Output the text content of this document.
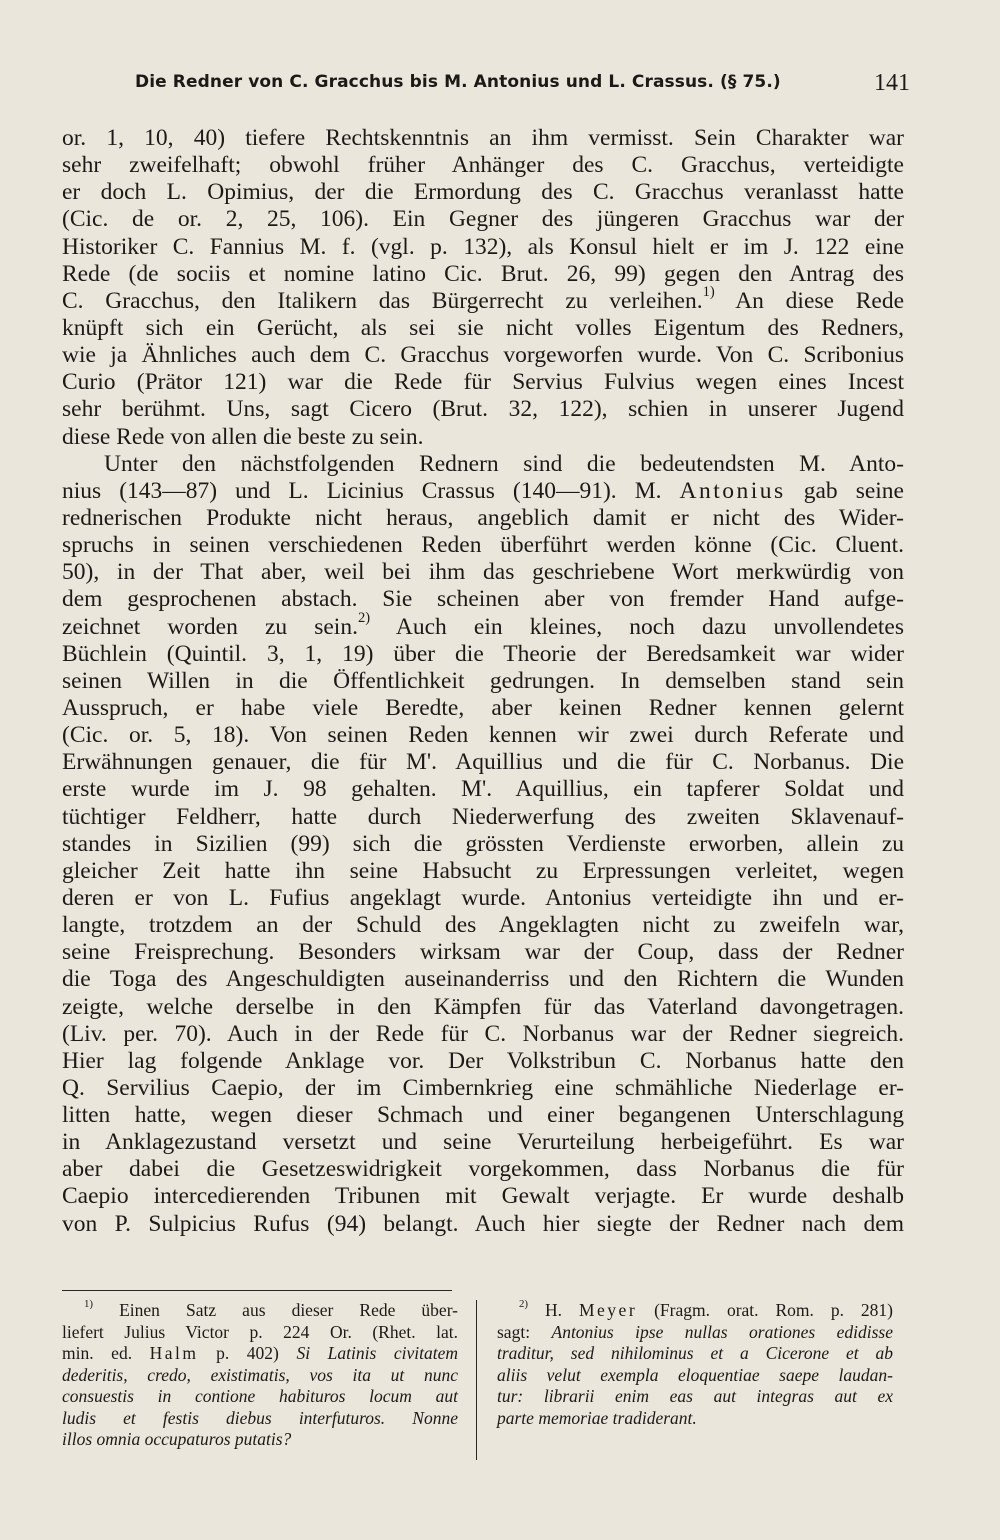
Die Redner von C. Gracchus bis M. Antonius und L. Crassus. (§ 75.)	141
or. 1, 10, 40) tiefere Rechtskenntnis an ihm vermisst. Sein Charakter war
sehr zweifelhaft; obwohl früher Anhänger des C. Gracchus, verteidigte
er doch L. Opimius, der die Ermordung des C. Gracchus veranlasst hatte
(Cic. de or. 2, 25, 106). Ein Gegner des jüngeren Gracchus war der
Historiker C. Fannius M. f. (vgl. p. 132), als Konsul hielt er im J. 122 eine
Rede (de sociis et nomine latino Cic. Brut. 26, 99) gegen den Antrag des
C. Gracchus, den Italikern das Bürgerrecht zu verleihen.$^{1)}$ An diese Rede
knüpft sich ein Gerücht, als sei sie nicht volles Eigentum des Redners,
wie ja Ähnliches auch dem C. Gracchus vorgeworfen wurde. Von C. Scribonius
Curio (Prätor 121) war die Rede für Servius Fulvius wegen eines Incest
sehr berühmt. Uns, sagt Cicero (Brut. 32, 122), schien in unserer Jugend
diese Rede von allen die beste zu sein.
Unter den nächstfolgenden Rednern sind die bedeutendsten M. Anto-
nius (143—87) und L. Licinius Crassus (140—91). M. Antonius gab seine
rednerischen Produkte nicht heraus, angeblich damit er nicht des Wider-
spruchs in seinen verschiedenen Reden überführt werden könne (Cic. Cluent.
50), in der That aber, weil bei ihm das geschriebene Wort merkwürdig von
dem gesprochenen abstach. Sie scheinen aber von fremder Hand aufge-
zeichnet worden zu sein.$^{2)}$ Auch ein kleines, noch dazu unvollendetes
Büchlein (Quintil. 3, 1, 19) über die Theorie der Beredsamkeit war wider
seinen Willen in die Öffentlichkeit gedrungen. In demselben stand sein
Ausspruch, er habe viele Beredte, aber keinen Redner kennen gelernt
(Cic. or. 5, 18). Von seinen Reden kennen wir zwei durch Referate und
Erwähnungen genauer, die für M'. Aquillius und die für C. Norbanus. Die
erste wurde im J. 98 gehalten. M'. Aquillius, ein tapferer Soldat und
tüchtiger Feldherr, hatte durch Niederwerfung des zweiten Sklavenauf-
standes in Sizilien (99) sich die grössten Verdienste erworben, allein zu
gleicher Zeit hatte ihn seine Habsucht zu Erpressungen verleitet, wegen
deren er von L. Fufius angeklagt wurde. Antonius verteidigte ihn und er-
langte, trotzdem an der Schuld des Angeklagten nicht zu zweifeln war,
seine Freisprechung. Besonders wirksam war der Coup, dass der Redner
die Toga des Angeschuldigten auseinanderriss und den Richtern die Wunden
zeigte, welche derselbe in den Kämpfen für das Vaterland davongetragen.
(Liv. per. 70). Auch in der Rede für C. Norbanus war der Redner siegreich.
Hier lag folgende Anklage vor. Der Volkstribun C. Norbanus hatte den
Q. Servilius Caepio, der im Cimbernkrieg eine schmähliche Niederlage er-
litten hatte, wegen dieser Schmach und einer begangenen Unterschlagung
in Anklagezustand versetzt und seine Verurteilung herbeigeführt. Es war
aber dabei die Gesetzeswidrigkeit vorgekommen, dass Norbanus die für
Caepio intercedierenden Tribunen mit Gewalt verjagte. Er wurde deshalb
von P. Sulpicius Rufus (94) belangt. Auch hier siegte der Redner nach dem
$^{1)}$ Einen Satz aus dieser Rede über-
liefert Julius Victor p. 224 Or. (Rhet. lat.
min. ed. Halm p. 402) Si Latinis civitatem
dederitis, credo, existimatis, vos ita ut nunc
consuestis in contione habituros locum aut
ludis et festis diebus interfuturos. Nonne
illos omnia occupaturos putatis?
$^{2)}$ H. Meyer (Fragm. orat. Rom. p. 281)
sagt: Antonius ipse nullas orationes edidisse
traditur, sed nihilominus et a Cicerone et ab
aliis velut exempla eloquentiae saepe laudan-
tur: librarii enim eas aut integras aut ex
parte memoriae tradiderant.
